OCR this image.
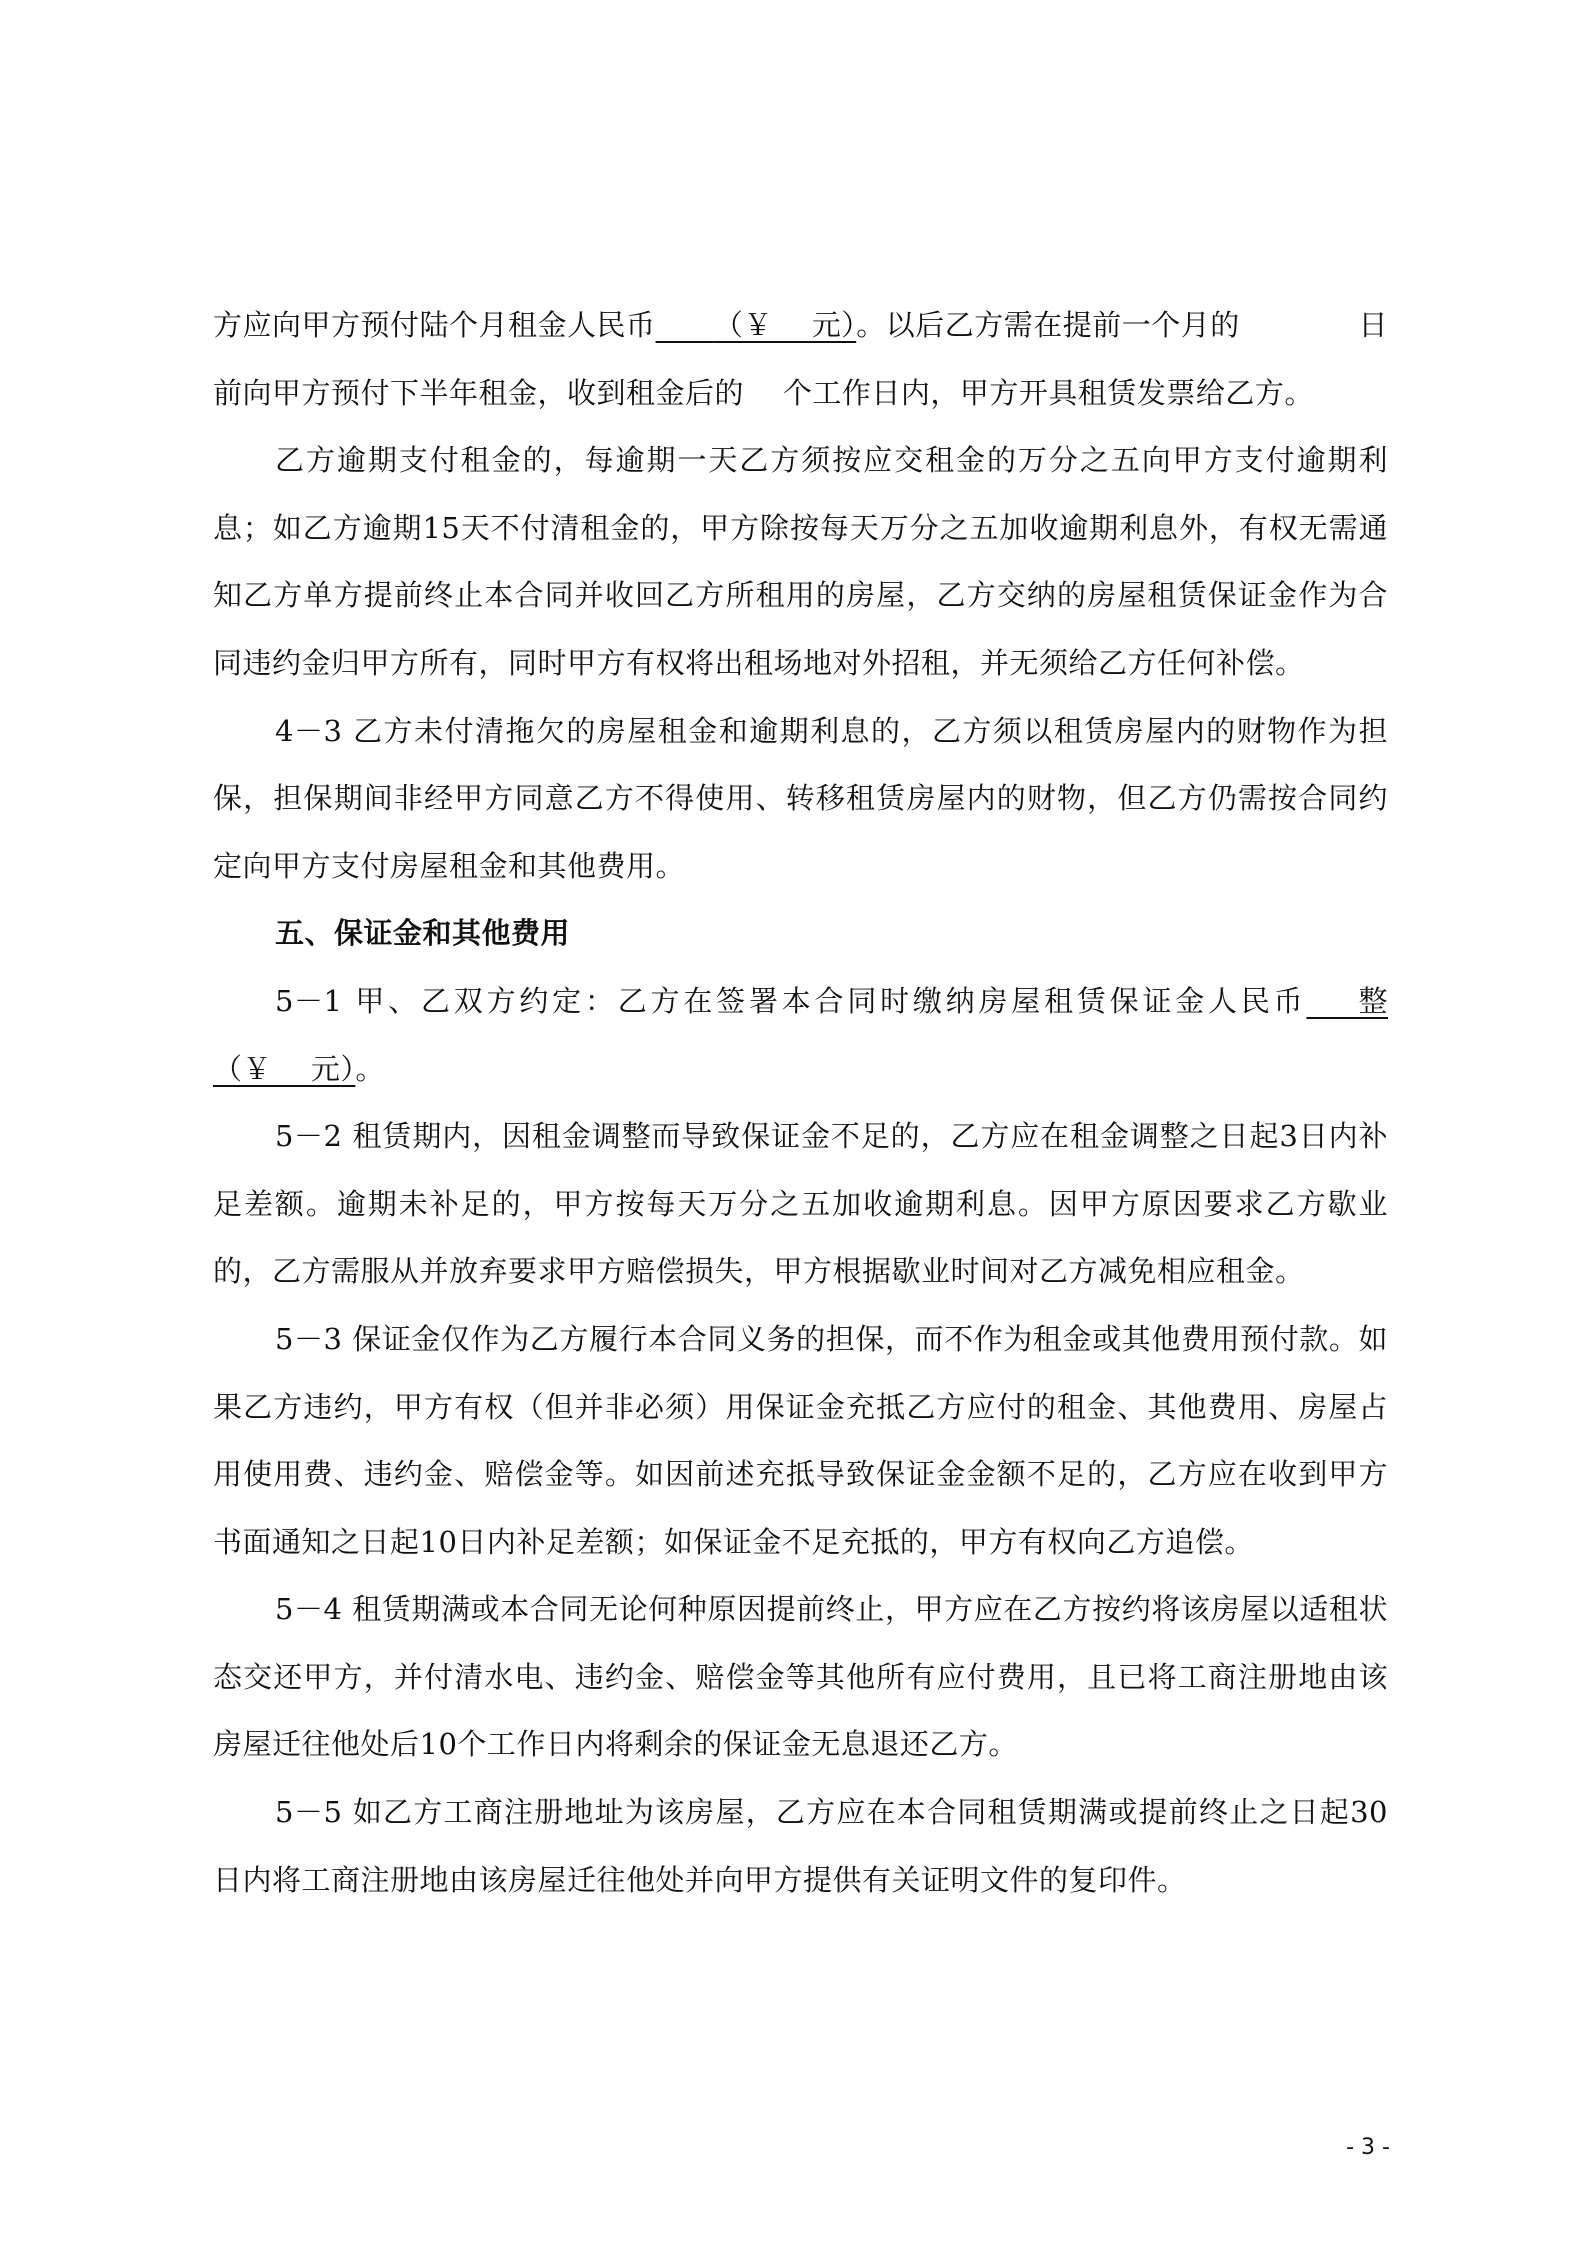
方应向甲方预付陆个月租金人民币 （￥    元）。以后乙方需在提前一个月的	日
前向甲方预付下半年租金，收到租金后的 个工作日内，甲方开具租赁发票给乙方。

乙方逾期支付租金的，每逾期一天乙方须按应交租金的万分之五向甲方支付逾期利息；如乙方逾期15天不付清租金的，甲方除按每天万分之五加收逾期利息外，有权无需通知乙方单方提前终止本合同并收回乙方所租用的房屋，乙方交纳的房屋租赁保证金作为合同违约金归甲方所有，同时甲方有权将出租场地对外招租，并无须给乙方任何补偿。

4－3 乙方未付清拖欠的房屋租金和逾期利息的，乙方须以租赁房屋内的财物作为担保，担保期间非经甲方同意乙方不得使用、转移租赁房屋内的财物，但乙方仍需按合同约定向甲方支付房屋租金和其他费用。

五、保证金和其他费用

5－1 甲、乙双方约定：乙方在签署本合同时缴纳房屋租赁保证金人民币    整（￥    元）。

5－2 租赁期内，因租金调整而导致保证金不足的，乙方应在租金调整之日起3日内补足差额。逾期未补足的，甲方按每天万分之五加收逾期利息。因甲方原因要求乙方歇业的，乙方需服从并放弃要求甲方赔偿损失，甲方根据歇业时间对乙方减免相应租金。

5－3 保证金仅作为乙方履行本合同义务的担保，而不作为租金或其他费用预付款。如果乙方违约，甲方有权（但并非必须）用保证金充抵乙方应付的租金、其他费用、房屋占用使用费、违约金、赔偿金等。如因前述充抵导致保证金金额不足的，乙方应在收到甲方书面通知之日起10日内补足差额；如保证金不足充抵的，甲方有权向乙方追偿。

5－4 租赁期满或本合同无论何种原因提前终止，甲方应在乙方按约将该房屋以适租状态交还甲方，并付清水电、违约金、赔偿金等其他所有应付费用，且已将工商注册地由该房屋迁往他处后10个工作日内将剩余的保证金无息退还乙方。

5－5 如乙方工商注册地址为该房屋，乙方应在本合同租赁期满或提前终止之日起30日内将工商注册地由该房屋迁往他处并向甲方提供有关证明文件的复印件。

- 3 -
